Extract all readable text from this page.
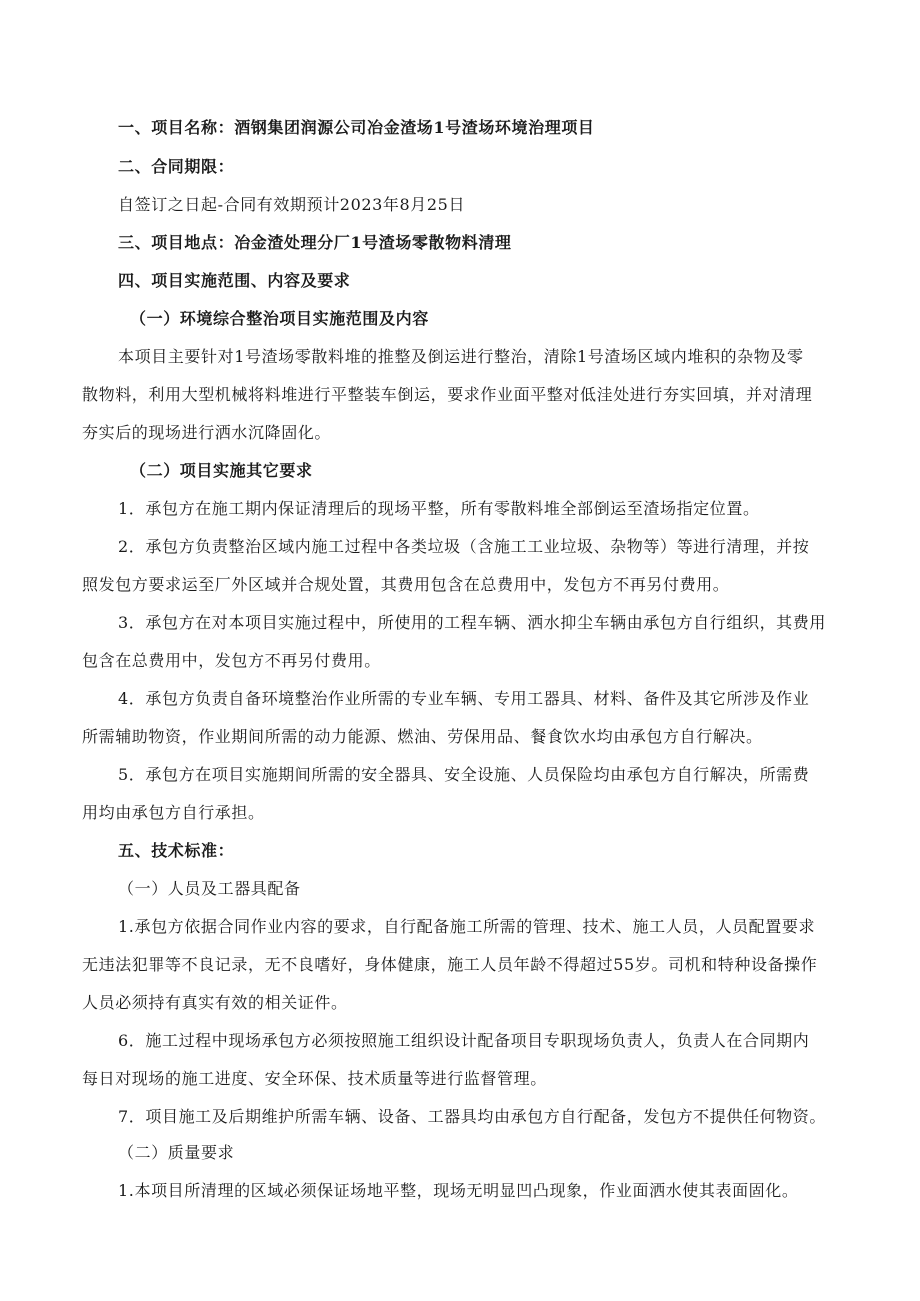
一、项目名称：酒钢集团润源公司冶金渣场1号渣场环境治理项目
二、合同期限：
自签订之日起-合同有效期预计2023年8月25日
三、项目地点：冶金渣处理分厂1号渣场零散物料清理
四、项目实施范围、内容及要求
（一）环境综合整治项目实施范围及内容
本项目主要针对1号渣场零散料堆的推整及倒运进行整治，清除1号渣场区域内堆积的杂物及零
散物料，利用大型机械将料堆进行平整装车倒运，要求作业面平整对低洼处进行夯实回填，并对清理
夯实后的现场进行洒水沉降固化。
（二）项目实施其它要求
1．承包方在施工期内保证清理后的现场平整，所有零散料堆全部倒运至渣场指定位置。
2．承包方负责整治区域内施工过程中各类垃圾（含施工工业垃圾、杂物等）等进行清理，并按
照发包方要求运至厂外区域并合规处置，其费用包含在总费用中，发包方不再另付费用。
3．承包方在对本项目实施过程中，所使用的工程车辆、洒水抑尘车辆由承包方自行组织，其费用
包含在总费用中，发包方不再另付费用。
4．承包方负责自备环境整治作业所需的专业车辆、专用工器具、材料、备件及其它所涉及作业
所需辅助物资，作业期间所需的动力能源、燃油、劳保用品、餐食饮水均由承包方自行解决。
5．承包方在项目实施期间所需的安全器具、安全设施、人员保险均由承包方自行解决，所需费
用均由承包方自行承担。
五、技术标准：
（一）人员及工器具配备
1.承包方依据合同作业内容的要求，自行配备施工所需的管理、技术、施工人员，人员配置要求
无违法犯罪等不良记录，无不良嗜好，身体健康，施工人员年龄不得超过55岁。司机和特种设备操作
人员必须持有真实有效的相关证件。
6．施工过程中现场承包方必须按照施工组织设计配备项目专职现场负责人，负责人在合同期内
每日对现场的施工进度、安全环保、技术质量等进行监督管理。
7．项目施工及后期维护所需车辆、设备、工器具均由承包方自行配备，发包方不提供任何物资。
（二）质量要求
1.本项目所清理的区域必须保证场地平整，现场无明显凹凸现象，作业面洒水使其表面固化。
